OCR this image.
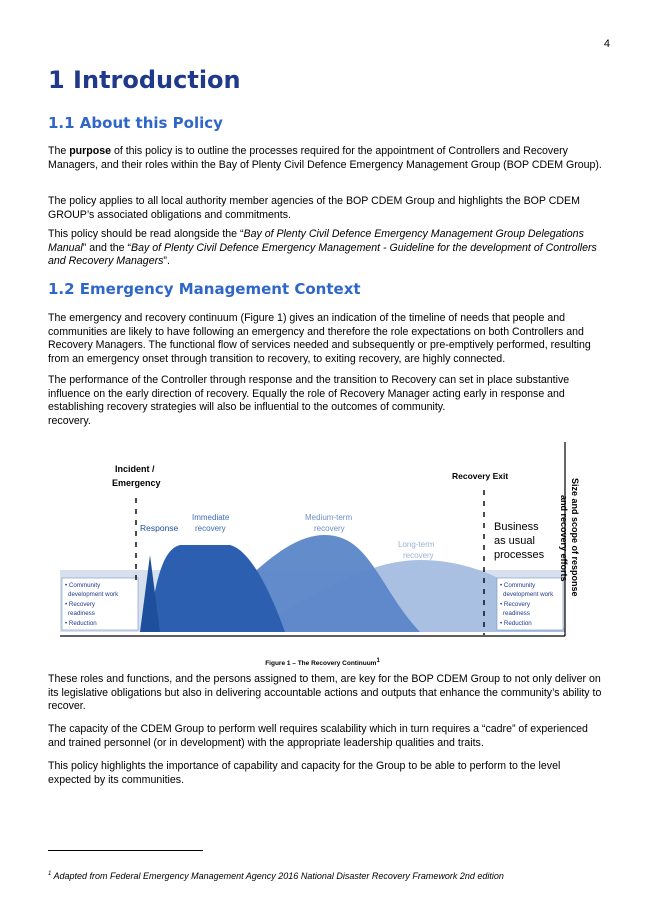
4
1 Introduction
1.1 About this Policy

The purpose of this policy is to outline the processes required for the appointment of Controllers and Recovery Managers, and their roles within the Bay of Plenty Civil Defence Emergency Management Group (BOP CDEM Group).

The policy applies to all local authority member agencies of the BOP CDEM Group and highlights the BOP CDEM GROUP’s associated obligations and commitments.

This policy should be read alongside the “Bay of Plenty Civil Defence Emergency Management Group Delegations Manual” and the “Bay of Plenty Civil Defence Emergency Management - Guideline for the development of Controllers and Recovery Managers”.

1.2 Emergency Management Context

The emergency and recovery continuum (Figure 1) gives an indication of the timeline of needs that people and communities are likely to have following an emergency and therefore the role expectations on both Controllers and Recovery Managers. The functional flow of services needed and subsequently or pre-emptively performed, resulting from an emergency onset through transition to recovery, to exiting recovery, are highly connected.

The performance of the Controller through response and the transition to Recovery can set in place substantive influence on the early direction of recovery. Equally the role of Recovery Manager acting early in response and establishing recovery strategies will also be influential to the outcomes of community.
recovery.

Incident /
Emergency
Recovery Exit
Response
Immediate
recovery
Medium-term
recovery
Long-term
recovery
Business
as usual
processes	Size and scope of response
and recovery efforts
• Community
development work
• Recovery
readiness
• Reduction
• Community
development work
• Recovery
readiness
• Reduction
Figure 1 – The Recovery Continuum$^1$

These roles and functions, and the persons assigned to them, are key for the BOP CDEM Group to not only deliver on its legislative obligations but also in delivering accountable actions and outputs that enhance the community’s ability to recover.

The capacity of the CDEM Group to perform well requires scalability which in turn requires a “cadre” of experienced and trained personnel (or in development) with the appropriate leadership qualities and traits.

This policy highlights the importance of capability and capacity for the Group to be able to perform to the level expected by its communities.

$^1$ Adapted from Federal Emergency Management Agency 2016 National Disaster Recovery Framework 2nd edition
